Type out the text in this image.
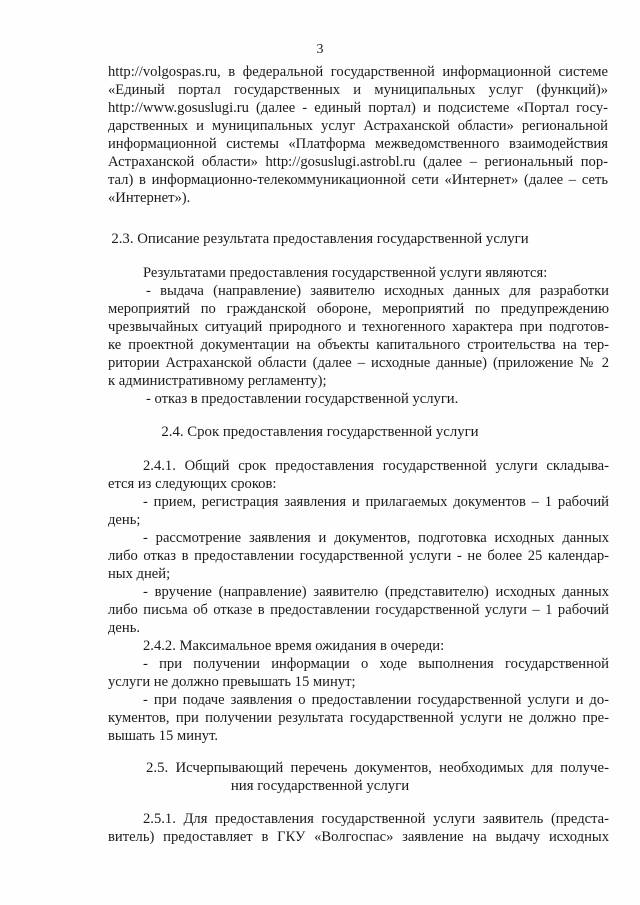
3
http://volgospas.ru, в федеральной государственной информационной системе
«Единый портал государственных и муниципальных услуг (функций)»
http://www.gosuslugi.ru (далее - единый портал) и подсистеме «Портал госу-
дарственных и муниципальных услуг Астраханской области» региональной
информационной системы «Платформа межведомственного взаимодействия
Астраханской области» http://gosuslugi.astrobl.ru (далее – региональный пор-
тал) в информационно-телекоммуникационной сети «Интернет» (далее – сеть
«Интернет»).
2.3. Описание результата предоставления государственной услуги
Результатами предоставления государственной услуги являются:
- выдача (направление) заявителю исходных данных для разработки
мероприятий по гражданской обороне, мероприятий по предупреждению
чрезвычайных ситуаций природного и техногенного характера при подготов-
ке проектной документации на объекты капитального строительства на тер-
ритории Астраханской области (далее – исходные данные) (приложение № 2
к административному регламенту);
- отказ в предоставлении государственной услуги.
2.4. Срок предоставления государственной услуги
2.4.1. Общий срок предоставления государственной услуги складыва-
ется из следующих сроков:
- прием, регистрация заявления и прилагаемых документов – 1 рабочий
день;
- рассмотрение заявления и документов, подготовка исходных данных
либо отказ в предоставлении государственной услуги - не более 25 календар-
ных дней;
- вручение (направление) заявителю (представителю) исходных данных
либо письма об отказе в предоставлении государственной услуги – 1 рабочий
день.
2.4.2. Максимальное время ожидания в очереди:
- при получении информации о ходе выполнения государственной
услуги не должно превышать 15 минут;
- при подаче заявления о предоставлении государственной услуги и до-
кументов, при получении результата государственной услуги не должно пре-
вышать 15 минут.
2.5. Исчерпывающий перечень документов, необходимых для получе-
ния государственной услуги
2.5.1. Для предоставления государственной услуги заявитель (предста-
витель) предоставляет в ГКУ «Волгоспас» заявление на выдачу исходных
